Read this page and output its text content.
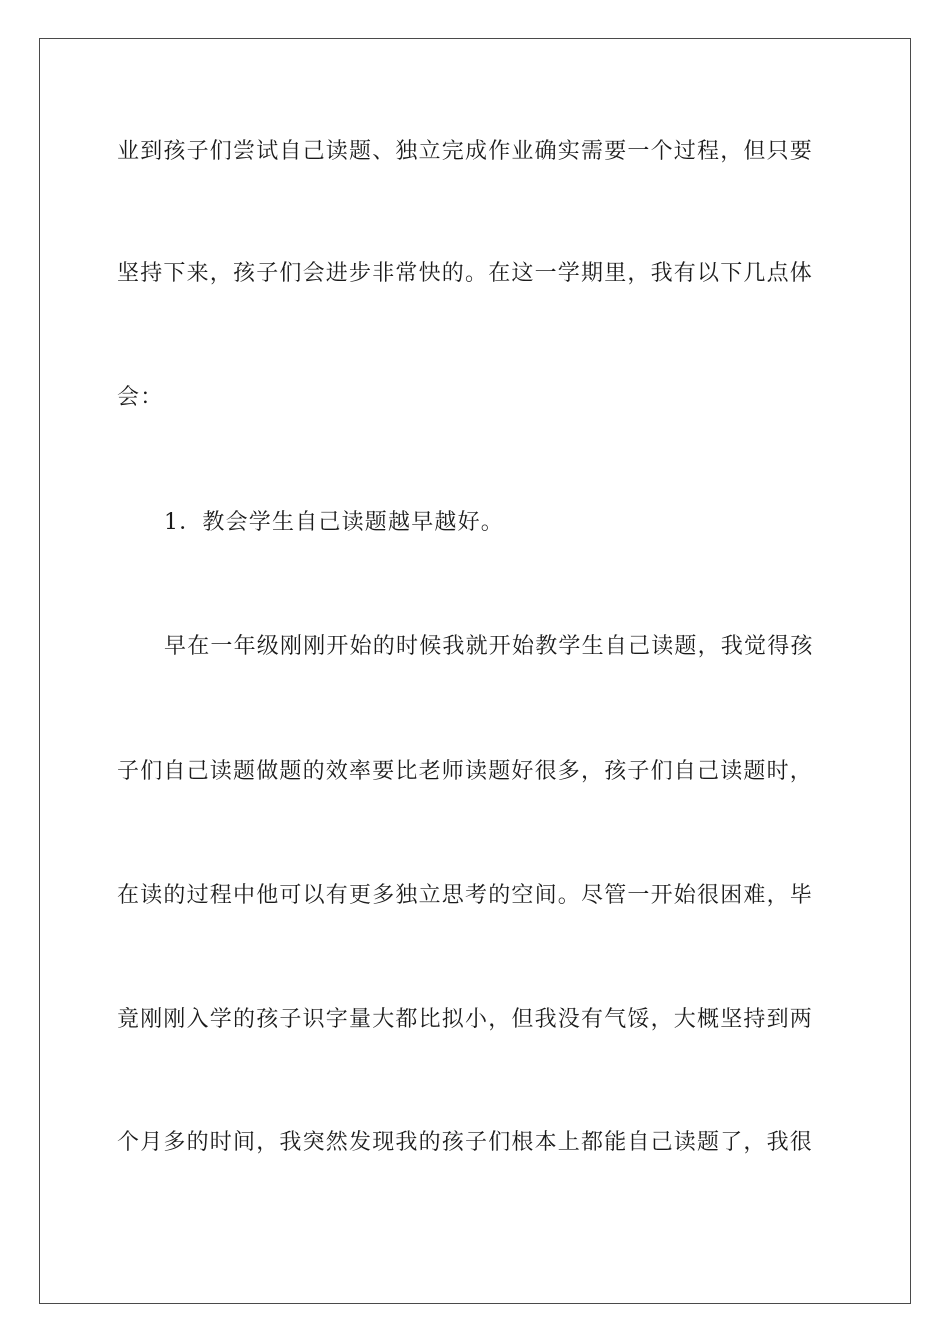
业到孩子们尝试自己读题、独立完成作业确实需要一个过程，但只要
坚持下来，孩子们会进步非常快的。在这一学期里，我有以下几点体
会：
1．教会学生自己读题越早越好。
早在一年级刚刚开始的时候我就开始教学生自己读题，我觉得孩
子们自己读题做题的效率要比老师读题好很多，孩子们自己读题时，
在读的过程中他可以有更多独立思考的空间。尽管一开始很困难，毕
竟刚刚入学的孩子识字量大都比拟小，但我没有气馁，大概坚持到两
个月多的时间，我突然发现我的孩子们根本上都能自己读题了，我很
